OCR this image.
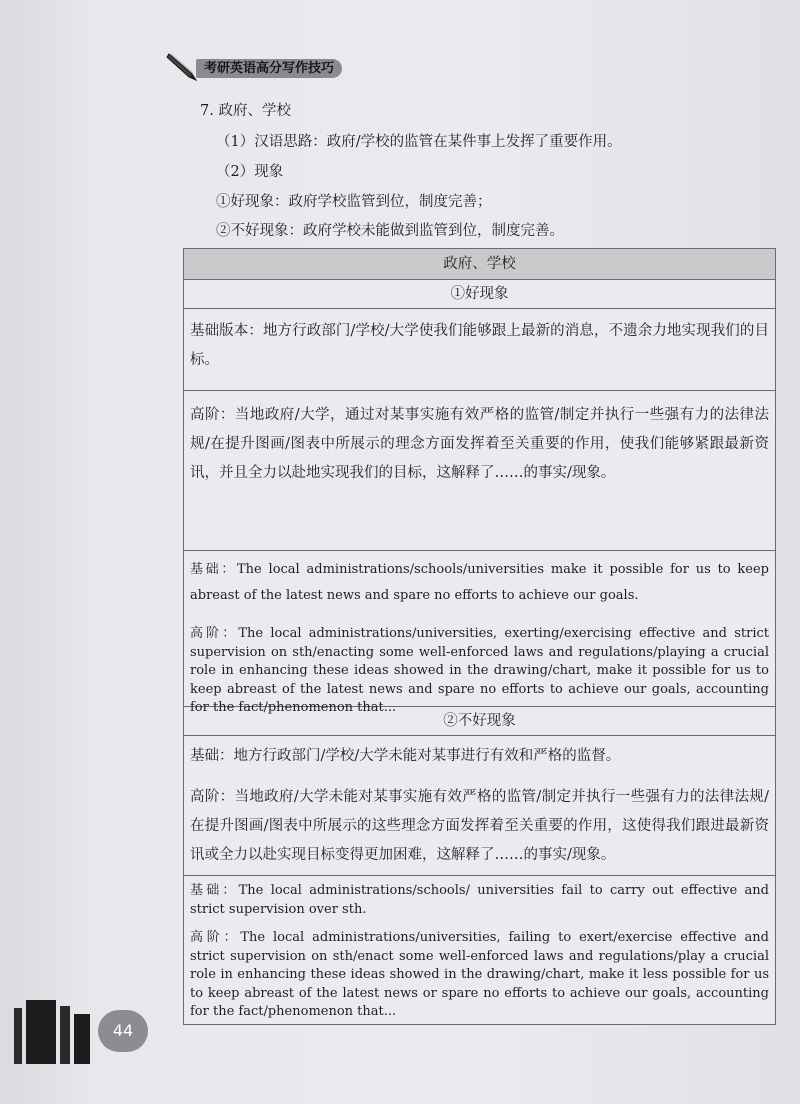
考研英语高分写作技巧
7. 政府、学校
（1）汉语思路：政府/学校的监管在某件事上发挥了重要作用。
（2）现象
①好现象：政府学校监管到位，制度完善；
②不好现象：政府学校未能做到监管到位，制度完善。
政府、学校
①好现象

基础版本：地方行政部门/学校/大学使我们能够跟上最新的消息，不遗余力地实现我们的目标。

高阶：当地政府/大学，通过对某事实施有效严格的监管/制定并执行一些强有力的法律法规/在提升图画/图表中所展示的理念方面发挥着至关重要的作用，使我们能够紧跟最新资讯，并且全力以赴地实现我们的目标，这解释了……的事实/现象。

基础：The local administrations/schools/universities make it possible for us to keep abreast of the latest news and spare no efforts to achieve our goals.

高阶：The local administrations/universities, exerting/exercising effective and strict supervision on sth/enacting some well-enforced laws and regulations/playing a crucial role in enhancing these ideas showed in the drawing/chart, make it possible for us to keep abreast of the latest news and spare no efforts to achieve our goals, accounting for the fact/phenomenon that...

②不好现象

基础：地方行政部门/学校/大学未能对某事进行有效和严格的监督。

高阶：当地政府/大学未能对某事实施有效严格的监管/制定并执行一些强有力的法律法规/在提升图画/图表中所展示的这些理念方面发挥着至关重要的作用，这使得我们跟进最新资讯或全力以赴实现目标变得更加困难，这解释了……的事实/现象。

基础：The local administrations/schools/ universities fail to carry out effective and strict supervision over sth.

高阶：The local administrations/universities, failing to exert/exercise effective and strict supervision on sth/enact some well-enforced laws and regulations/play a crucial role in enhancing these ideas showed in the drawing/chart, make it less possible for us to keep abreast of the latest news or spare no efforts to achieve our goals, accounting for the fact/phenomenon that...

44
